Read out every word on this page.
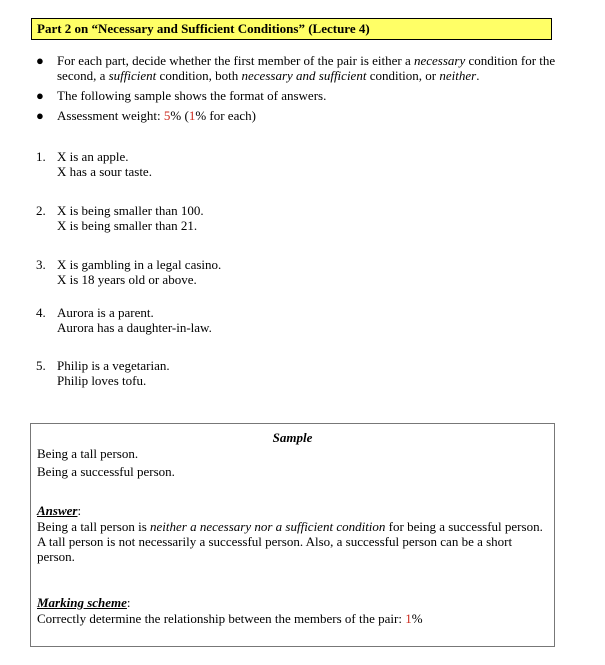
Part 2 on “Necessary and Sufficient Conditions” (Lecture 4)
● For each part, decide whether the first member of the pair is either a necessary condition for the second, a sufficient condition, both necessary and sufficient condition, or neither.
● The following sample shows the format of answers.
● Assessment weight: 5% (1% for each)
1. X is an apple.
X has a sour taste.
2. X is being smaller than 100.
X is being smaller than 21.
3. X is gambling in a legal casino.
X is 18 years old or above.
4. Aurora is a parent.
Aurora has a daughter-in-law.
5. Philip is a vegetarian.
Philip loves tofu.
Sample
Being a tall person.
Being a successful person.
Answer:
Being a tall person is neither a necessary nor a sufficient condition for being a successful person. A tall person is not necessarily a successful person. Also, a successful person can be a short person.
Marking scheme:
Correctly determine the relationship between the members of the pair: 1%
